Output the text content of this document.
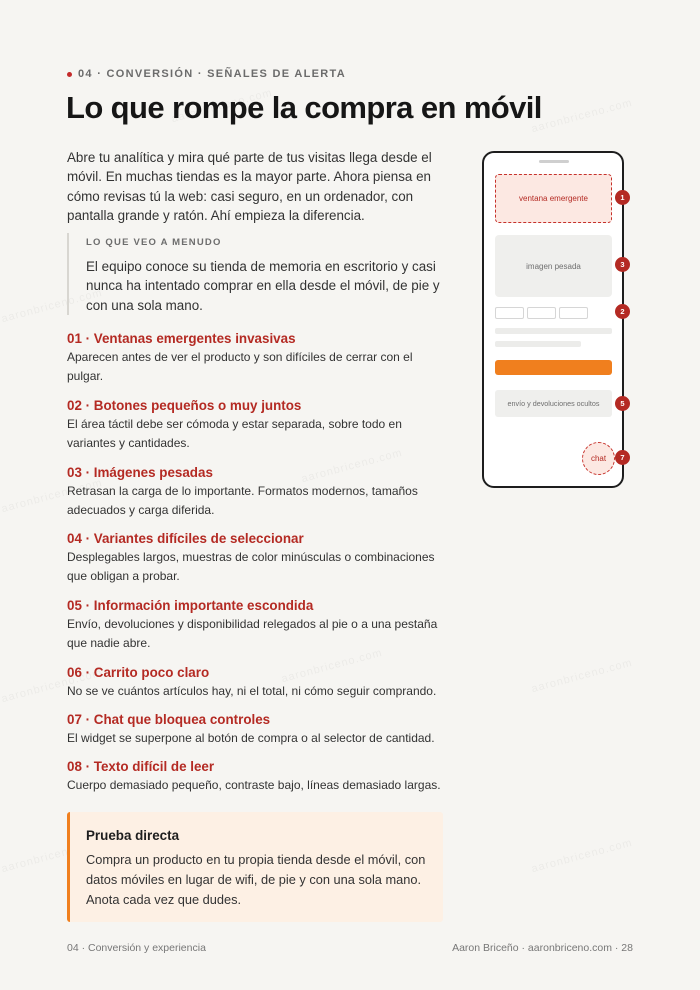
04 · CONVERSIÓN · SEÑALES DE ALERTA
Lo que rompe la compra en móvil

Abre tu analítica y mira qué parte de tus visitas llega desde el móvil. En muchas tiendas es la mayor parte. Ahora piensa en cómo revisas tú la web: casi seguro, en un ordenador, con pantalla grande y ratón. Ahí empieza la diferencia.

LO QUE VEO A MENUDO

El equipo conoce su tienda de memoria en escritorio y casi nunca ha intentado comprar en ella desde el móvil, de pie y con una sola mano.

01 · Ventanas emergentes invasivas

Aparecen antes de ver el producto y son difíciles de cerrar con el pulgar.

02 · Botones pequeños o muy juntos

El área táctil debe ser cómoda y estar separada, sobre todo en variantes y cantidades.

03 · Imágenes pesadas

Retrasan la carga de lo importante. Formatos modernos, tamaños adecuados y carga diferida.

04 · Variantes difíciles de seleccionar

Desplegables largos, muestras de color minúsculas o combinaciones que obligan a probar.

05 · Información importante escondida

Envío, devoluciones y disponibilidad relegados al pie o a una pestaña que nadie abre.

06 · Carrito poco claro

No se ve cuántos artículos hay, ni el total, ni cómo seguir comprando.

07 · Chat que bloquea controles

El widget se superpone al botón de compra o al selector de cantidad.

08 · Texto difícil de leer

Cuerpo demasiado pequeño, contraste bajo, líneas demasiado largas.

Prueba directa

Compra un producto en tu propia tienda desde el móvil, con datos móviles en lugar de wifi, de pie y con una sola mano. Anota cada vez que dudes.

ventana emergente
imagen pesada
envío y devoluciones ocultos
chat
1
3
2
5
7
04 · Conversión y experiencia	Aaron Briceño · aaronbriceno.com · 28
